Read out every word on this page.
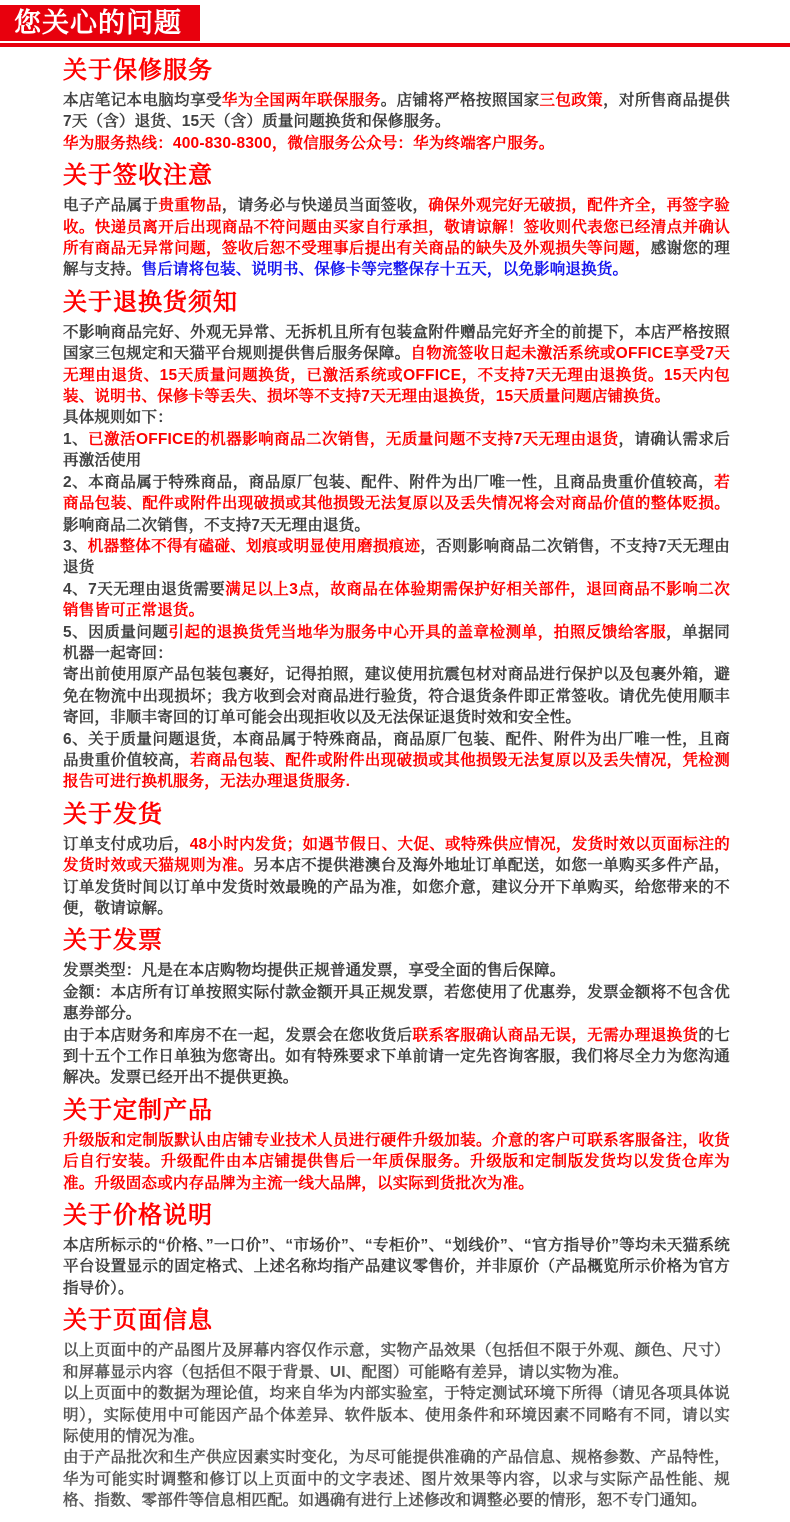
您关心的问题
关于保修服务

本店笔记本电脑均享受华为全国两年联保服务。店铺将严格按照国家三包政策，对所售商品提供7天（含）退货、15天（含）质量问题换货和保修服务。

华为服务热线：400-830-8300，微信服务公众号：华为终端客户服务。

关于签收注意

电子产品属于贵重物品，请务必与快递员当面签收，确保外观完好无破损，配件齐全，再签字验收。快递员离开后出现商品不符问题由买家自行承担，敬请谅解！签收则代表您已经清点并确认所有商品无异常问题，签收后恕不受理事后提出有关商品的缺失及外观损失等问题，感谢您的理解与支持。售后请将包装、说明书、保修卡等完整保存十五天，以免影响退换货。

关于退换货须知

不影响商品完好、外观无异常、无拆机且所有包装盒附件赠品完好齐全的前提下，本店严格按照国家三包规定和天猫平台规则提供售后服务保障。自物流签收日起未激活系统或OFFICE享受7天无理由退货、15天质量问题换货，已激活系统或OFFICE，不支持7天无理由退换货。15天内包装、说明书、保修卡等丢失、损坏等不支持7天无理由退换货，15天质量问题店铺换货。

具体规则如下：

1、已激活OFFICE的机器影响商品二次销售，无质量问题不支持7天无理由退货，请确认需求后再激活使用

2、本商品属于特殊商品，商品原厂包装、配件、附件为出厂唯一性，且商品贵重价值较高，若商品包装、配件或附件出现破损或其他损毁无法复原以及丢失情况将会对商品价值的整体贬损。影响商品二次销售，不支持7天无理由退货。

3、机器整体不得有磕碰、划痕或明显使用磨损痕迹，否则影响商品二次销售，不支持7天无理由退货

4、7天无理由退货需要满足以上3点，故商品在体验期需保护好相关部件，退回商品不影响二次销售皆可正常退货。

5、因质量问题引起的退换货凭当地华为服务中心开具的盖章检测单，拍照反馈给客服，单据同机器一起寄回：

寄出前使用原产品包装包裹好，记得拍照，建议使用抗震包材对商品进行保护以及包裹外箱，避免在物流中出现损坏；我方收到会对商品进行验货，符合退货条件即正常签收。请优先使用顺丰寄回，非顺丰寄回的订单可能会出现拒收以及无法保证退货时效和安全性。

6、关于质量问题退货，本商品属于特殊商品，商品原厂包装、配件、附件为出厂唯一性，且商品贵重价值较高，若商品包装、配件或附件出现破损或其他损毁无法复原以及丢失情况，凭检测报告可进行换机服务，无法办理退货服务.

关于发货

订单支付成功后，48小时内发货；如遇节假日、大促、或特殊供应情况，发货时效以页面标注的发货时效或天猫规则为准。另本店不提供港澳台及海外地址订单配送，如您一单购买多件产品，订单发货时间以订单中发货时效最晚的产品为准，如您介意，建议分开下单购买，给您带来的不便，敬请谅解。

关于发票

发票类型：凡是在本店购物均提供正规普通发票，享受全面的售后保障。

金额：本店所有订单按照实际付款金额开具正规发票，若您使用了优惠券，发票金额将不包含优惠券部分。

由于本店财务和库房不在一起，发票会在您收货后联系客服确认商品无误，无需办理退换货的七到十五个工作日单独为您寄出。如有特殊要求下单前请一定先咨询客服，我们将尽全力为您沟通解决。发票已经开出不提供更换。

关于定制产品

升级版和定制版默认由店铺专业技术人员进行硬件升级加装。介意的客户可联系客服备注，收货后自行安装。升级配件由本店铺提供售后一年质保服务。升级版和定制版发货均以发货仓库为准。升级固态或内存品牌为主流一线大品牌，以实际到货批次为准。

关于价格说明

本店所标示的“价格、”一口价”、“市场价”、“专柜价”、“划线价”、“官方指导价”等均未天猫系统平台设置显示的固定格式、上述名称均指产品建议零售价，并非原价（产品概览所示价格为官方指导价）。

关于页面信息

以上页面中的产品图片及屏幕内容仅作示意，实物产品效果（包括但不限于外观、颜色、尺寸）和屏幕显示内容（包括但不限于背景、UI、配图）可能略有差异，请以实物为准。

以上页面中的数据为理论值，均来自华为内部实验室，于特定测试环境下所得（请见各项具体说明），实际使用中可能因产品个体差异、软件版本、使用条件和环境因素不同略有不同，请以实际使用的情况为准。

由于产品批次和生产供应因素实时变化，为尽可能提供准确的产品信息、规格参数、产品特性，华为可能实时调整和修订以上页面中的文字表述、图片效果等内容，以求与实际产品性能、规格、指数、零部件等信息相匹配。如遇确有进行上述修改和调整必要的情形，恕不专门通知。
